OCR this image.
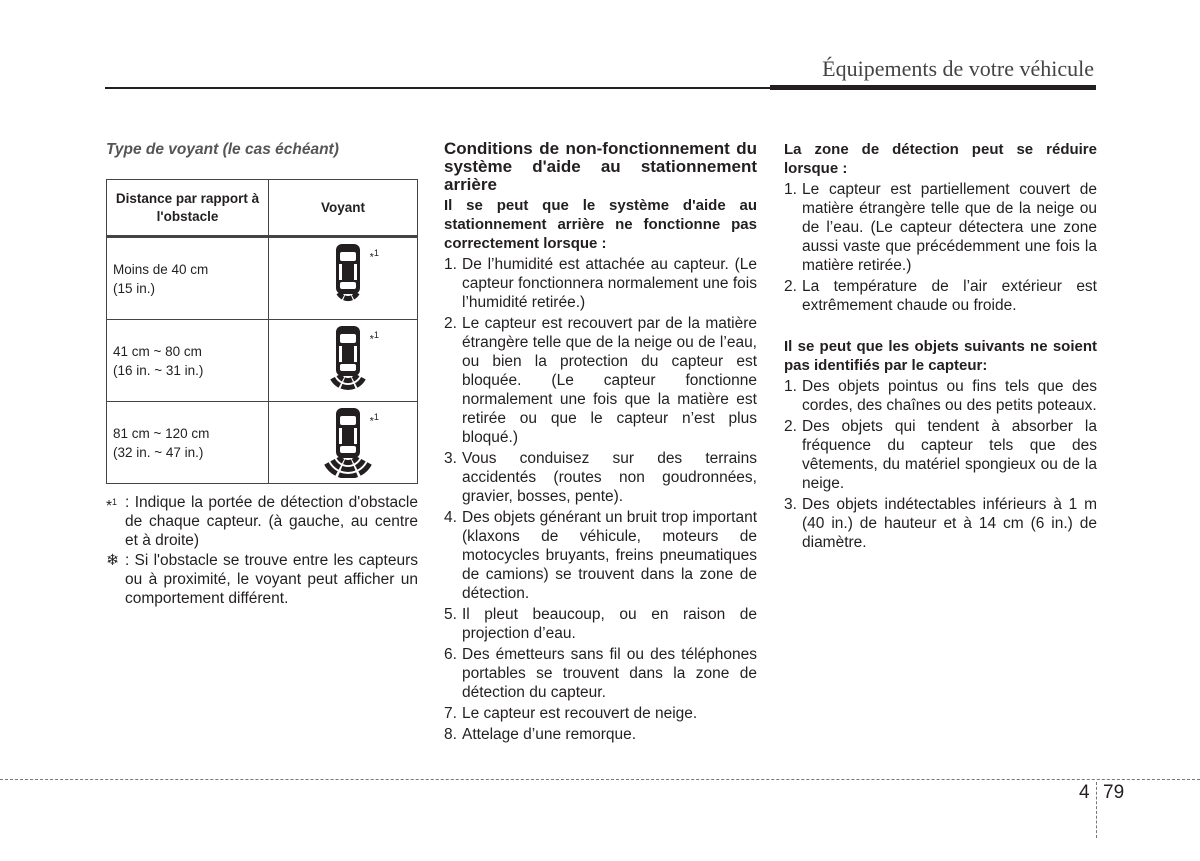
Équipements de votre véhicule

Type de voyant (le cas échéant)

Distance par rapport à l'obstacle	Voyant
Moins de 40 cm
(15 in.)	*$^1$

41 cm ~ 80 cm
(16 in. ~ 31 in.)	*$^1$

81 cm ~ 120 cm
(32 in. ~ 47 in.)	*$^1$
*$^1$ : Indique la portée de détection d'obstacle de chaque capteur. (à gauche, au centre et à droite)
❄ : Si l'obstacle se trouve entre les capteurs ou à proximité, le voyant peut afficher un comportement différent.
Conditions de non-fonctionnement du système d'aide au stationnement arrière

Il se peut que le système d'aide au stationnement arrière ne fonctionne pas correctement lorsque :

1. De l’humidité est attachée au capteur. (Le capteur fonctionnera normalement une fois l’humidité retirée.)
2. Le capteur est recouvert par de la matière étrangère telle que de la neige ou de l’eau, ou bien la protection du capteur est bloquée. (Le capteur fonctionne normalement une fois que la matière est retirée ou que le capteur n’est plus bloqué.)
3. Vous conduisez sur des terrains accidentés (routes non goudronnées, gravier, bosses, pente).
4. Des objets générant un bruit trop important (klaxons de véhicule, moteurs de motocycles bruyants, freins pneumatiques de camions) se trouvent dans la zone de détection.
5. Il pleut beaucoup, ou en raison de projection d’eau.
6. Des émetteurs sans fil ou des téléphones portables se trouvent dans la zone de détection du capteur.
7. Le capteur est recouvert de neige.
8. Attelage d’une remorque.

La zone de détection peut se réduire lorsque :

1. Le capteur est partiellement couvert de matière étrangère telle que de la neige ou de l’eau. (Le capteur détectera une zone aussi vaste que précédemment une fois la matière retirée.)
2. La température de l’air extérieur est extrêmement chaude ou froide.

Il se peut que les objets suivants ne soient pas identifiés par le capteur:

1. Des objets pointus ou fins tels que des cordes, des chaînes ou des petits poteaux.
2. Des objets qui tendent à absorber la fréquence du capteur tels que des vêtements, du matériel spongieux ou de la neige.
3. Des objets indétectables inférieurs à 1 m (40 in.) de hauteur et à 14 cm (6 in.) de diamètre.
4 79
